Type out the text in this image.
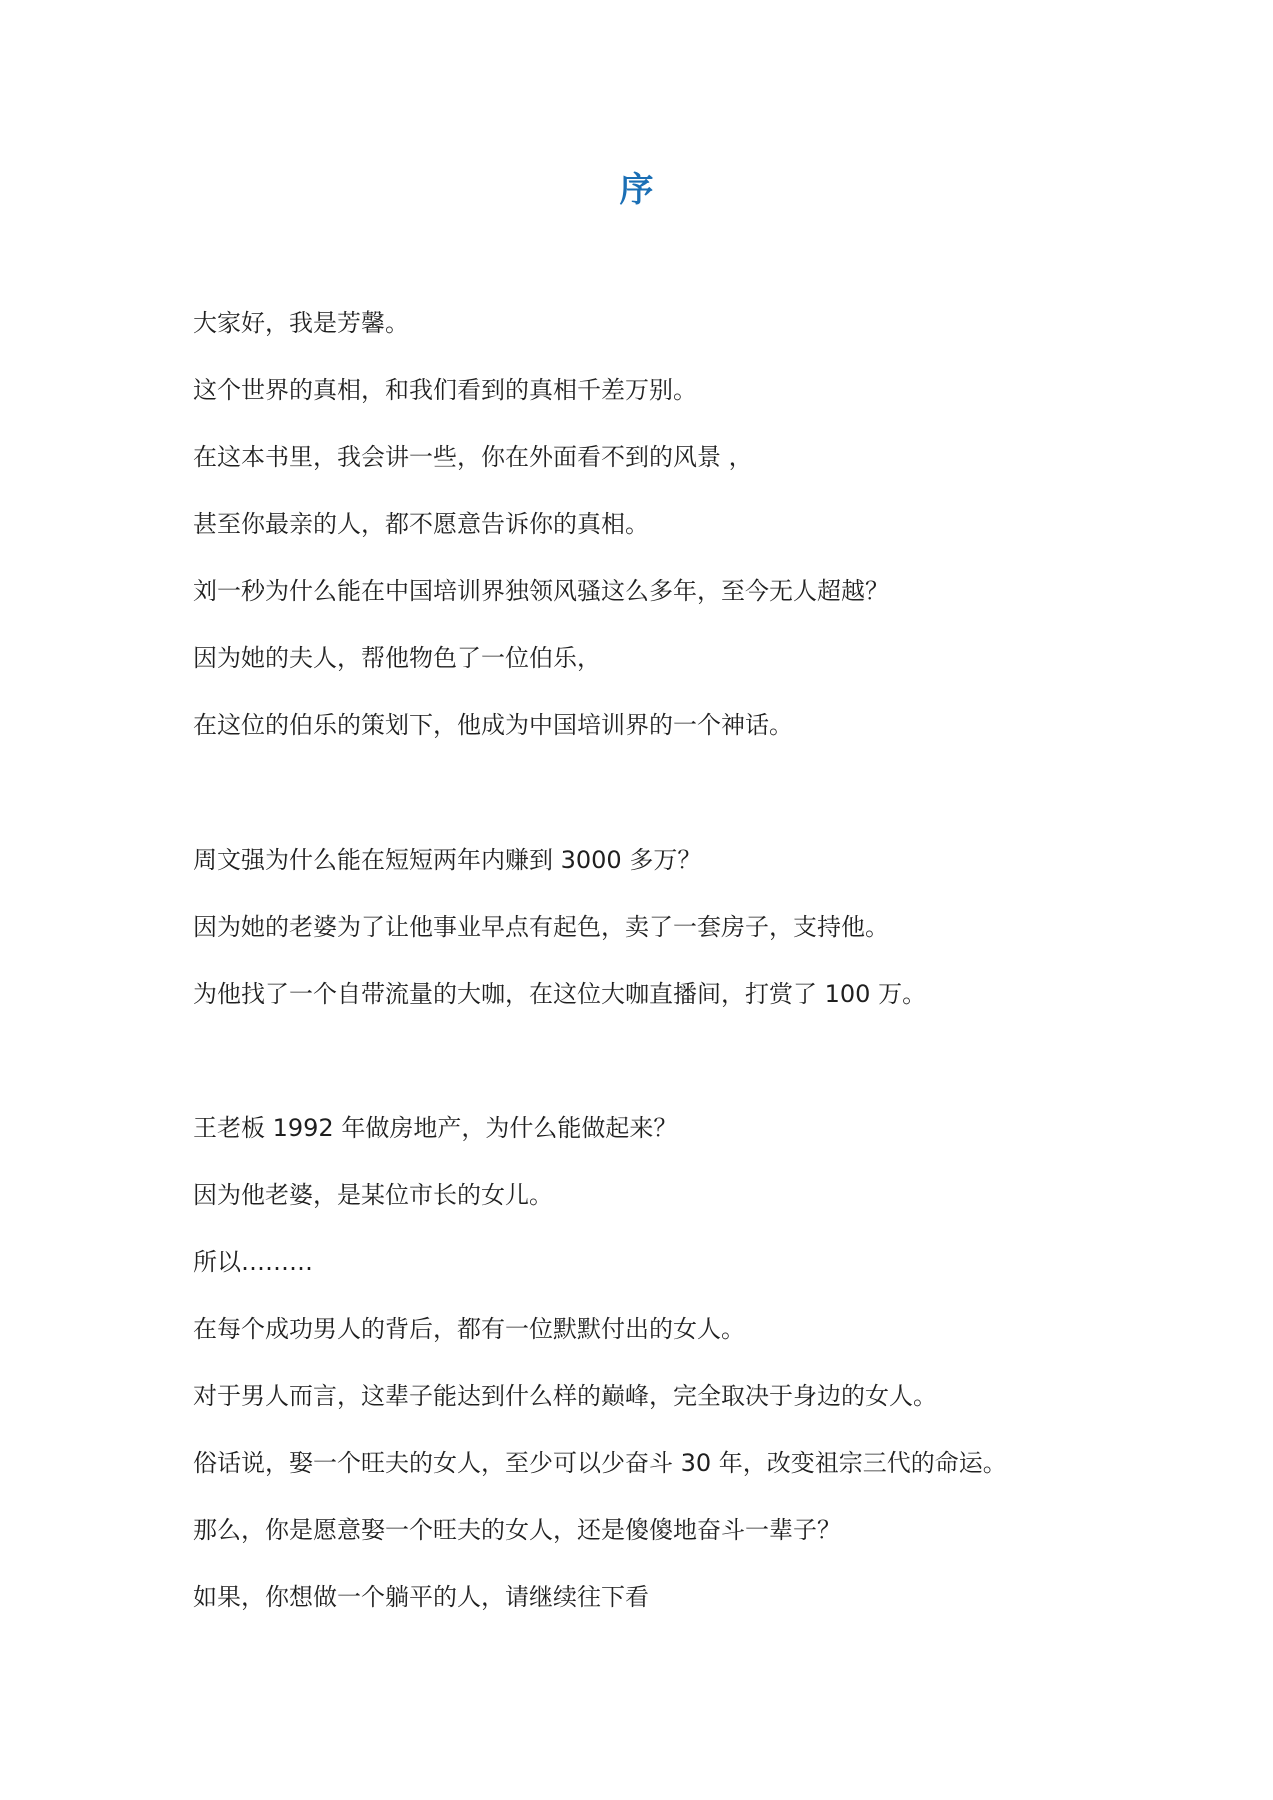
序
大家好，我是芳馨。
这个世界的真相，和我们看到的真相千差万别。
在这本书里，我会讲一些，你在外面看不到的风景 ，
甚至你最亲的人，都不愿意告诉你的真相。
刘一秒为什么能在中国培训界独领风骚这么多年，至今无人超越？
因为她的夫人，帮他物色了一位伯乐，
在这位的伯乐的策划下，他成为中国培训界的一个神话。
周文强为什么能在短短两年内赚到 3000 多万？
因为她的老婆为了让他事业早点有起色，卖了一套房子，支持他。
为他找了一个自带流量的大咖，在这位大咖直播间，打赏了 100 万。
王老板 1992 年做房地产，为什么能做起来？
因为他老婆，是某位市长的女儿。
所以………
在每个成功男人的背后，都有一位默默付出的女人。
对于男人而言，这辈子能达到什么样的巅峰，完全取决于身边的女人。
俗话说，娶一个旺夫的女人，至少可以少奋斗 30 年，改变祖宗三代的命运。
那么，你是愿意娶一个旺夫的女人，还是傻傻地奋斗一辈子？
如果，你想做一个躺平的人，请继续往下看
